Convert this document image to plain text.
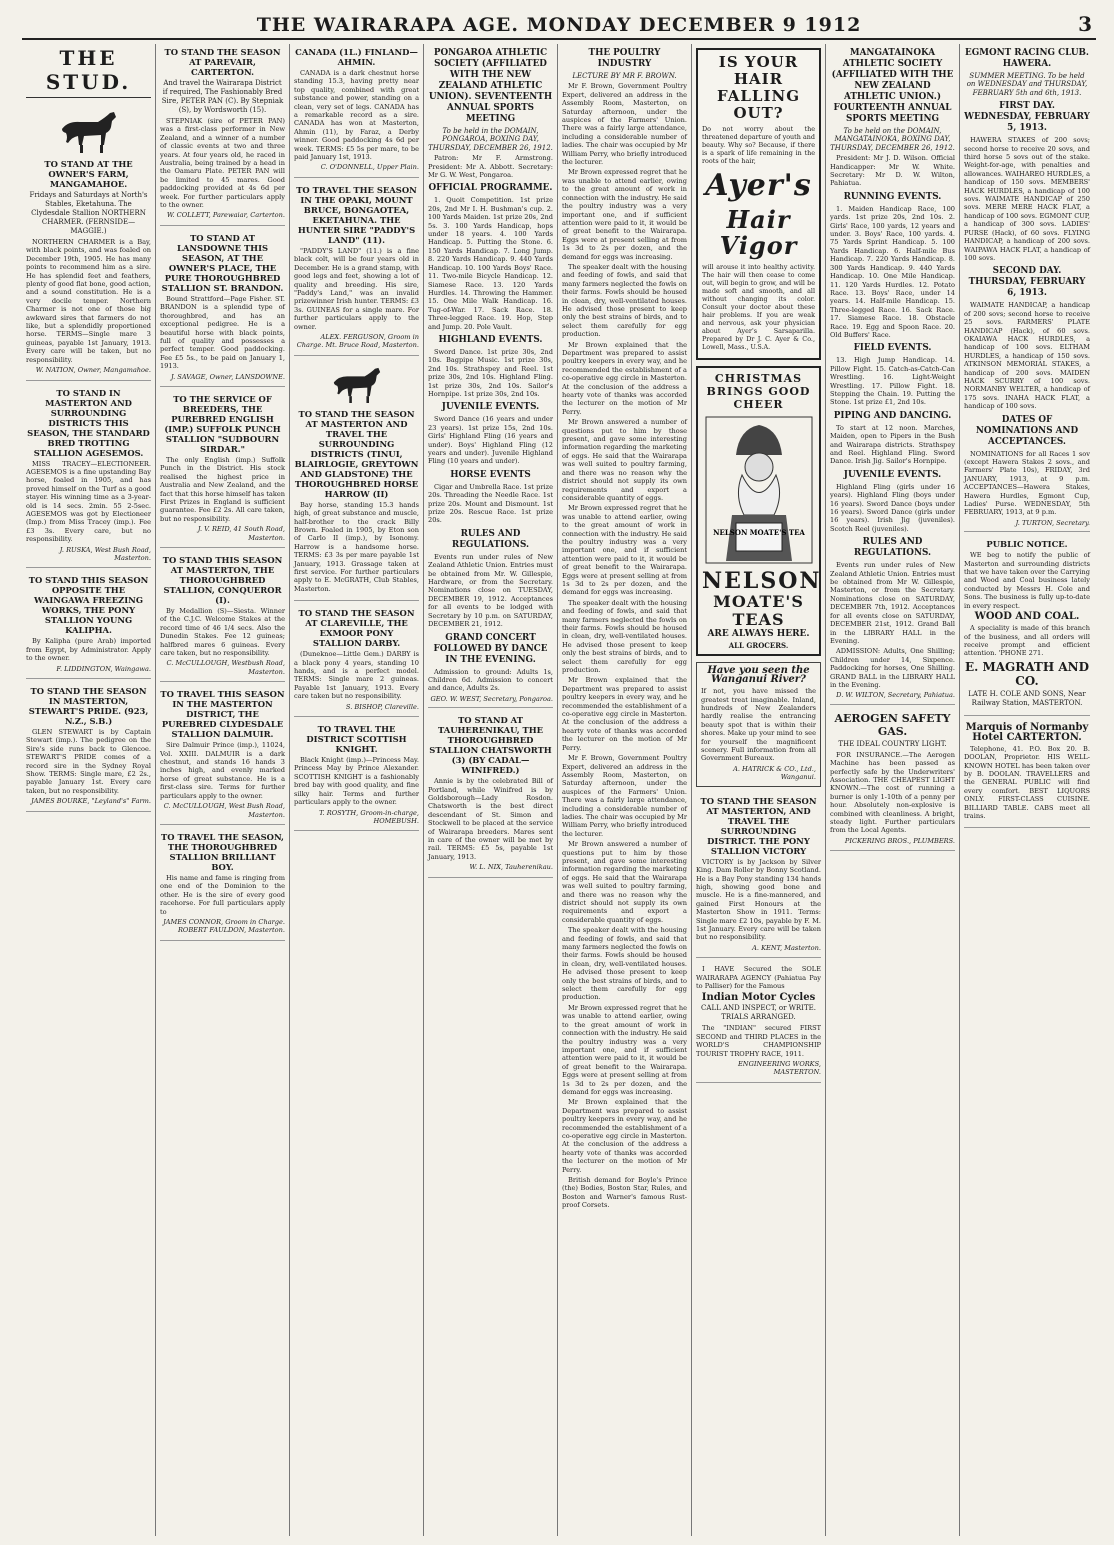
THE WAIRARAPA AGE. MONDAY DECEMBER 9 1912	3
THE STUD.
TO STAND AT THE OWNER'S FARM, MANGAMAHOE.
Fridays and Saturdays at North's Stables, Eketahuna. The Clydesdale Stallion NORTHERN CHARMER. (FERNSIDE—MAGGIE.)

NORTHERN CHARMER is a Bay, with black points, and was foaled on December 19th, 1905. He has many points to recommend him as a sire. He has splendid feet and feathers, plenty of good flat bone, good action, and a sound constitution. He is a very docile temper. Northern Charmer is not one of those big awkward sires that farmers do not like, but a splendidly proportioned horse. TERMS—Single mare 3 guineas, payable 1st January, 1913. Every care will be taken, but no responsibility.

W. NATION, Owner, Mangamahoe.
TO STAND IN MASTERTON AND SURROUNDING DISTRICTS THIS SEASON, THE STANDARD BRED TROTTING STALLION AGESEMOS.

MISS TRACEY—ELECTIONEER. AGESEMOS is a fine upstanding Bay horse, foaled in 1905, and has proved himself on the Turf as a good stayer. His winning time as a 3-year-old is 14 secs. 2min. 55 2-5sec. AGESEMOS was got by Electioneer (Imp.) from Miss Tracey (imp.). Fee £3 3s. Every care, but no responsibility.

J. RUSKA, West Bush Road, Masterton.
TO STAND THIS SEASON OPPOSITE THE WAINGAWA FREEZING WORKS, THE PONY STALLION YOUNG KALIPHA.

By Kalipha (pure Arab) imported from Egypt, by Administrator. Apply to the owner.

F. LIDDINGTON, Waingawa.
TO STAND THE SEASON IN MASTERTON, STEWART'S PRIDE. (923, N.Z., S.B.)

GLEN STEWART is by Captain Stewart (imp.). The pedigree on the Sire's side runs back to Glencoe. STEWART'S PRIDE comes of a record sire in the Sydney Royal Show. TERMS: Single mare, £2 2s., payable January 1st. Every care taken, but no responsibility.

JAMES BOURKE, "Leyland's" Farm.
TO STAND THE SEASON AT PAREVAIR, CARTERTON.
And travel the Wairarapa District if required, The Fashionably Bred Sire, PETER PAN (C). By Stepniak (S), by Wordsworth (15).

STEPNIAK (sire of PETER PAN) was a first-class performer in New Zealand, and a winner of a number of classic events at two and three years. At four years old, he raced in Australia, being trained by a head in the Oamaru Plate. PETER PAN will be limited to 45 mares. Good paddocking provided at 4s 6d per week. For further particulars apply to the owner.

W. COLLETT, Parewaiar, Carterton.
TO STAND AT LANSDOWNE THIS SEASON, AT THE OWNER'S PLACE, THE PURE THOROUGHBRED STALLION ST. BRANDON.

Bound Strattford—Page Fisher. ST. BRANDON is a splendid type of thoroughbred, and has an exceptional pedigree. He is a beautiful horse with black points, full of quality and possesses a perfect temper. Good paddocking. Fee £5 5s., to be paid on January 1, 1913.

J. SAVAGE, Owner, LANSDOWNE.
TO THE SERVICE OF BREEDERS, THE PUREBRED ENGLISH (IMP.) SUFFOLK PUNCH STALLION "SUDBOURN SIRDAR."

The only English (imp.) Suffolk Punch in the District. His stock realised the highest price in Australia and New Zealand, and the fact that this horse himself has taken First Prizes in England is sufficient guarantee. Fee £2 2s. All care taken, but no responsibility.

J. V. REID, 41 South Road, Masterton.
TO STAND THIS SEASON AT MASTERTON, THE THOROUGHBRED STALLION, CONQUEROR (I).

By Medallion (S)—Siesta. Winner of the C.J.C. Welcome Stakes at the record time of 46 1/4 secs. Also the Dunedin Stakes. Fee 12 guineas; halfbred mares 6 guineas. Every care taken, but no responsibility.

C. McCULLOUGH, Westbush Road, Masterton.
TO TRAVEL THIS SEASON IN THE MASTERTON DISTRICT, THE PUREBRED CLYDESDALE STALLION DALMUIR.

Sire Dalmuir Prince (imp.), 11024, Vol. XXIII. DALMUIR is a dark chestnut, and stands 16 hands 3 inches high, and evenly marked horse of great substance. He is a first-class sire. Terms for further particulars apply to the owner.

C. McCULLOUGH, West Bush Road, Masterton.
TO TRAVEL THE SEASON, THE THOROUGHBRED STALLION BRILLIANT BOY.

His name and fame is ringing from one end of the Dominion to the other. He is the sire of every good racehorse. For full particulars apply to

JAMES CONNOR, Groom in Charge. ROBERT FAULDON, Masterton.
CANADA (1L.) FINLAND—AHMIN.

CANADA is a dark chestnut horse standing 15.3, having pretty near top quality, combined with great substance and power, standing on a clean, very set of legs. CANADA has a remarkable record as a sire. CANADA has won at Masterton, Ahmin (11), by Faraz, a Derby winner. Good paddocking 4s 6d per week. TERMS: £5 5s per mare, to be paid January 1st, 1913.

C. O'DONNELL, Upper Plain.
TO TRAVEL THE SEASON IN THE OPAKI, MOUNT BRUCE, BONGAOTEA, EKETAHUNA. THE HUNTER SIRE "PADDY'S LAND" (11).

"PADDY'S LAND" (11.) is a fine black colt, will be four years old in December. He is a grand stamp, with good legs and feet, showing a lot of quality and breeding. His sire, "Paddy's Land," was an invalid prizewinner Irish hunter. TERMS: £3 3s. GUINEAS for a single mare. For further particulars apply to the owner.

ALEX. FERGUSON, Groom in Charge. Mt. Bruce Road, Masterton.
TO STAND THE SEASON AT MASTERTON AND TRAVEL THE SURROUNDING DISTRICTS (TINUI, BLAIRLOGIE, GREYTOWN AND GLADSTONE) THE THOROUGHBRED HORSE HARROW (II)

Bay horse, standing 15.3 hands high, of great substance and muscle, half-brother to the crack Billy Brown. Foaled in 1905, by Eton son of Carlo II (imp.), by Isonomy. Harrow is a handsome horse. TERMS: £3 3s per mare payable 1st January, 1913. Grassage taken at first service. For further particulars apply to E. McGRATH, Club Stables, Masterton.

TO STAND THE SEASON AT CLAREVILLE, THE EXMOOR PONY STALLION DARBY.

(Duneknoe—Little Gem.) DARBY is a black pony 4 years, standing 10 hands, and is a perfect model. TERMS: Single mare 2 guineas. Payable 1st January, 1913. Every care taken but no responsibility.

S. BISHOP, Clareville.
TO TRAVEL THE DISTRICT SCOTTISH KNIGHT.

Black Knight (imp.)—Princess May. Princess May by Prince Alexander. SCOTTISH KNIGHT is a fashionably bred bay with good quality, and fine silky hair. Terms and further particulars apply to the owner.

T. ROSYTH, Groom-in-charge, HOMEBUSH.
PONGAROA ATHLETIC SOCIETY (AFFILIATED WITH THE NEW ZEALAND ATHLETIC UNION). SEVENTEENTH ANNUAL SPORTS MEETING
To be held in the DOMAIN, PONGAROA, BOXING DAY, THURSDAY, DECEMBER 26, 1912.

Patron: Mr F. Armstrong. President: Mr A. Abbott. Secretary: Mr G. W. West, Pongaroa.

OFFICIAL PROGRAMME.

1. Quoit Competition. 1st prize 20s, 2nd Mr I. H. Bushman's cup. 2. 100 Yards Maiden. 1st prize 20s, 2nd 5s. 3. 100 Yards Handicap, hops under 18 years. 4. 100 Yards Handicap. 5. Putting the Stone. 6. 150 Yards Handicap. 7. Long Jump. 8. 220 Yards Handicap. 9. 440 Yards Handicap. 10. 100 Yards Boys' Race. 11. Two-mile Bicycle Handicap. 12. Siamese Race. 13. 120 Yards Hurdles. 14. Throwing the Hammer. 15. One Mile Walk Handicap. 16. Tug-of-War. 17. Sack Race. 18. Three-legged Race. 19. Hop, Step and Jump. 20. Pole Vault.

HIGHLAND EVENTS.

Sword Dance. 1st prize 30s, 2nd 10s. Bagpipe Music. 1st prize 30s, 2nd 10s. Strathspey and Reel. 1st prize 30s, 2nd 10s. Highland Fling. 1st prize 30s, 2nd 10s. Sailor's Hornpipe. 1st prize 30s, 2nd 10s.

JUVENILE EVENTS.

Sword Dance (16 years and under 23 years). 1st prize 15s, 2nd 10s. Girls' Highland Fling (16 years and under). Boys' Highland Fling (12 years and under). Juvenile Highland Fling (10 years and under).

HORSE EVENTS

Cigar and Umbrella Race. 1st prize 20s. Threading the Needle Race. 1st prize 20s. Mount and Dismount. 1st prize 20s. Rescue Race. 1st prize 20s.

RULES AND REGULATIONS.

Events run under rules of New Zealand Athletic Union. Entries must be obtained from Mr. W. Gillespie, Hardware, or from the Secretary. Nominations close on TUESDAY, DECEMBER 19, 1912. Acceptances for all events to be lodged with Secretary by 10 p.m. on SATURDAY, DECEMBER 21, 1912.

GRAND CONCERT FOLLOWED BY DANCE IN THE EVENING.

Admission to ground: Adults 1s, Children 6d. Admission to concert and dance, Adults 2s.

GEO. W. WEST, Secretary, Pongaroa.
TO STAND AT TAUHERENIKAU, THE THOROUGHBRED STALLION CHATSWORTH (3) (BY CADAL—WINIFRED.)

Annie is by the celebrated Bill of Portland, while Winifred is by Goldsborough—Lady Rosdon. Chatsworth is the best direct descendant of St. Simon and Stockwell to be placed at the service of Wairarapa breeders. Mares sent in care of the owner will be met by rail. TERMS: £5 5s, payable 1st January, 1913.

W. L. NIX, Tauherenikau.
THE POULTRY INDUSTRY
LECTURE BY MR F. BROWN.

Mr F. Brown, Government Poultry Expert, delivered an address in the Assembly Room, Masterton, on Saturday afternoon, under the auspices of the Farmers' Union. There was a fairly large attendance, including a considerable number of ladies. The chair was occupied by Mr William Perry, who briefly introduced the lecturer.

Mr Brown expressed regret that he was unable to attend earlier, owing to the great amount of work in connection with the industry. He said the poultry industry was a very important one, and if sufficient attention were paid to it, it would be of great benefit to the Wairarapa. Eggs were at present selling at from 1s 3d to 2s per dozen, and the demand for eggs was increasing.

The speaker dealt with the housing and feeding of fowls, and said that many farmers neglected the fowls on their farms. Fowls should be housed in clean, dry, well-ventilated houses. He advised those present to keep only the best strains of birds, and to select them carefully for egg production.

Mr Brown explained that the Department was prepared to assist poultry keepers in every way, and he recommended the establishment of a co-operative egg circle in Masterton. At the conclusion of the address a hearty vote of thanks was accorded the lecturer on the motion of Mr Perry.

Mr Brown answered a number of questions put to him by those present, and gave some interesting information regarding the marketing of eggs. He said that the Wairarapa was well suited to poultry farming, and there was no reason why the district should not supply its own requirements and export a considerable quantity of eggs.

Mr Brown expressed regret that he was unable to attend earlier, owing to the great amount of work in connection with the industry. He said the poultry industry was a very important one, and if sufficient attention were paid to it, it would be of great benefit to the Wairarapa. Eggs were at present selling at from 1s 3d to 2s per dozen, and the demand for eggs was increasing.

The speaker dealt with the housing and feeding of fowls, and said that many farmers neglected the fowls on their farms. Fowls should be housed in clean, dry, well-ventilated houses. He advised those present to keep only the best strains of birds, and to select them carefully for egg production.

Mr Brown explained that the Department was prepared to assist poultry keepers in every way, and he recommended the establishment of a co-operative egg circle in Masterton. At the conclusion of the address a hearty vote of thanks was accorded the lecturer on the motion of Mr Perry.

Mr F. Brown, Government Poultry Expert, delivered an address in the Assembly Room, Masterton, on Saturday afternoon, under the auspices of the Farmers' Union. There was a fairly large attendance, including a considerable number of ladies. The chair was occupied by Mr William Perry, who briefly introduced the lecturer.

Mr Brown answered a number of questions put to him by those present, and gave some interesting information regarding the marketing of eggs. He said that the Wairarapa was well suited to poultry farming, and there was no reason why the district should not supply its own requirements and export a considerable quantity of eggs.

The speaker dealt with the housing and feeding of fowls, and said that many farmers neglected the fowls on their farms. Fowls should be housed in clean, dry, well-ventilated houses. He advised those present to keep only the best strains of birds, and to select them carefully for egg production.

Mr Brown expressed regret that he was unable to attend earlier, owing to the great amount of work in connection with the industry. He said the poultry industry was a very important one, and if sufficient attention were paid to it, it would be of great benefit to the Wairarapa. Eggs were at present selling at from 1s 3d to 2s per dozen, and the demand for eggs was increasing.

Mr Brown explained that the Department was prepared to assist poultry keepers in every way, and he recommended the establishment of a co-operative egg circle in Masterton. At the conclusion of the address a hearty vote of thanks was accorded the lecturer on the motion of Mr Perry.

British demand for Boyle's Prince (the) Bodies, Boston Star, Rules, and Boston and Warner's famous Rust-proof Corsets.

IS YOUR HAIR
FALLING OUT?
Do not worry about the threatened departure of youth and beauty. Why so? Because, if there is a spark of life remaining in the roots of the hair,
Ayer's
Hair Vigor
will arouse it into healthy activity. The hair will then cease to come out, will begin to grow, and will be made soft and smooth, and all without changing its color. Consult your doctor about these hair problems. If you are weak and nervous, ask your physician about Ayer's Sarsaparilla. Prepared by Dr J. C. Ayer & Co., Lowell, Mass., U.S.A.
CHRISTMAS BRINGS GOOD CHEER
NELSON MOATE'S TEA
NELSON
MOATE'S
TEAS
ARE ALWAYS HERE.
ALL GROCERS.
Have you seen the Wanganui River?

If not, you have missed the greatest treat imaginable. Inland, hundreds of New Zealanders hardly realise the entrancing beauty spot that is within their shores. Make up your mind to see for yourself the magnificent scenery. Full information from all Government Bureaux.

A. HATRICK & CO., Ltd., Wanganui.
TO STAND THE SEASON AT MASTERTON, AND TRAVEL THE SURROUNDING DISTRICT. THE PONY STALLION VICTORY

VICTORY is by Jackson by Silver King. Dam Roller by Bonny Scotland. He is a Bay Pony standing 134 hands high, showing good bone and muscle. He is a fine-mannered, and gained First Honours at the Masterton Show in 1911. Terms: Single mare £2 10s, payable by F. M. 1st January. Every care will be taken but no responsibility.

A. KENT, Masterton.

I HAVE Secured the SOLE WAIRARAPA AGENCY (Pahiatua Pay to Palliser) for the Famous

Indian Motor Cycles
CALL AND INSPECT, or WRITE. TRIALS ARRANGED.

The "INDIAN" secured FIRST SECOND and THIRD PLACES in the WORLD'S CHAMPIONSHIP TOURIST TROPHY RACE, 1911.

ENGINEERING WORKS, MASTERTON.
MANGATAINOKA ATHLETIC SOCIETY (AFFILIATED WITH THE NEW ZEALAND ATHLETIC UNION.) FOURTEENTH ANNUAL SPORTS MEETING
To be held on the DOMAIN, MANGATAINOKA, BOXING DAY, THURSDAY, DECEMBER 26, 1912.

President: Mr J. D. Wilson. Official Handicapper: Mr W. White. Secretary: Mr D. W. Wilton, Pahiatua.

RUNNING EVENTS.

1. Maiden Handicap Race, 100 yards. 1st prize 20s, 2nd 10s. 2. Girls' Race, 100 yards, 12 years and under. 3. Boys' Race, 100 yards. 4. 75 Yards Sprint Handicap. 5. 100 Yards Handicap. 6. Half-mile Bus Handicap. 7. 220 Yards Handicap. 8. 300 Yards Handicap. 9. 440 Yards Handicap. 10. One Mile Handicap. 11. 120 Yards Hurdles. 12. Potato Race. 13. Boys' Race, under 14 years. 14. Half-mile Handicap. 15. Three-legged Race. 16. Sack Race. 17. Siamese Race. 18. Obstacle Race. 19. Egg and Spoon Race. 20. Old Buffers' Race.

FIELD EVENTS.

13. High Jump Handicap. 14. Pillow Fight. 15. Catch-as-Catch-Can Wrestling. 16. Light-Weight Wrestling. 17. Pillow Fight. 18. Stepping the Chain. 19. Putting the Stone. 1st prize £1, 2nd 10s.

PIPING AND DANCING.

To start at 12 noon. Marches, Maiden, open to Pipers in the Bush and Wairarapa districts. Strathspey and Reel. Highland Fling. Sword Dance. Irish Jig. Sailor's Hornpipe.

JUVENILE EVENTS.

Highland Fling (girls under 16 years). Highland Fling (boys under 16 years). Sword Dance (boys under 16 years). Sword Dance (girls under 16 years). Irish Jig (juveniles). Scotch Reel (juveniles).

RULES AND REGULATIONS.

Events run under rules of New Zealand Athletic Union. Entries must be obtained from Mr W. Gillespie, Masterton, or from the Secretary. Nominations close on SATURDAY, DECEMBER 7th, 1912. Acceptances for all events close on SATURDAY, DECEMBER 21st, 1912. Grand Ball in the LIBRARY HALL in the Evening.

ADMISSION: Adults, One Shilling; Children under 14, Sixpence. Paddocking for horses, One Shilling. GRAND BALL in the LIBRARY HALL in the Evening.

D. W. WILTON, Secretary, Pahiatua.
AEROGEN SAFETY GAS.
THE IDEAL COUNTRY LIGHT.

FOR INSURANCE.—The Aerogen Machine has been passed as perfectly safe by the Underwriters' Association. THE CHEAPEST LIGHT KNOWN.—The cost of running a burner is only 1-10th of a penny per hour. Absolutely non-explosive is combined with cleanliness. A bright, steady light. Further particulars from the Local Agents.

PICKERING BROS., PLUMBERS.
EGMONT RACING CLUB. HAWERA.
SUMMER MEETING. To be held on WEDNESDAY and THURSDAY, FEBRUARY 5th and 6th, 1913.
FIRST DAY. WEDNESDAY, FEBRUARY 5, 1913.

HAWERA STAKES of 200 sovs; second horse to receive 20 sovs, and third horse 5 sovs out of the stake. Weight-for-age, with penalties and allowances. WAIHAREO HURDLES, a handicap of 150 sovs. MEMBERS' HACK HURDLES, a handicap of 100 sovs. WAIMATE HANDICAP of 250 sovs. MERE MERE HACK FLAT, a handicap of 100 sovs. EGMONT CUP, a handicap of 300 sovs. LADIES' PURSE (Hack), of 60 sovs. FLYING HANDICAP, a handicap of 200 sovs. WAIPAWA HACK FLAT, a handicap of 100 sovs.

SECOND DAY. THURSDAY, FEBRUARY 6, 1913.

WAIMATE HANDICAP, a handicap of 200 sovs; second horse to receive 25 sovs. FARMERS' PLATE HANDICAP (Hack), of 60 sovs. OKAIAWA HACK HURDLES, a handicap of 100 sovs. ELTHAM HURDLES, a handicap of 150 sovs. ATKINSON MEMORIAL STAKES, a handicap of 200 sovs. MAIDEN HACK SCURRY of 100 sovs. NORMANBY WELTER, a handicap of 175 sovs. INAHA HACK FLAT, a handicap of 100 sovs.

DATES OF NOMINATIONS AND ACCEPTANCES.

NOMINATIONS for all Races 1 sov (except Hawera Stakes 2 sovs., and Farmers' Plate 10s), FRIDAY, 3rd JANUARY, 1913, at 9 p.m. ACCEPTANCES—Hawera Stakes, Hawera Hurdles, Egmont Cup, Ladies' Purse. WEDNESDAY, 5th FEBRUARY, 1913, at 9 p.m.

J. TURTON, Secretary.
PUBLIC NOTICE.

WE beg to notify the public of Masterton and surrounding districts that we have taken over the Carrying and Wood and Coal business lately conducted by Messrs H. Cole and Sons. The business is fully up-to-date in every respect.

WOOD AND COAL.

A speciality is made of this branch of the business, and all orders will receive prompt and efficient attention. 'PHONE 271.

E. MAGRATH AND CO.
LATE H. COLE AND SONS, Near Railway Station, MASTERTON.
Marquis of Normanby Hotel CARTERTON.

Telephone, 41. P.O. Box 20. B. DOOLAN, Proprietor. HIS WELL-KNOWN HOTEL has been taken over by B. DOOLAN. TRAVELLERS and the GENERAL PUBLIC will find every comfort. BEST LIQUORS ONLY. FIRST-CLASS CUISINE. BILLIARD TABLE. CABS meet all trains.
